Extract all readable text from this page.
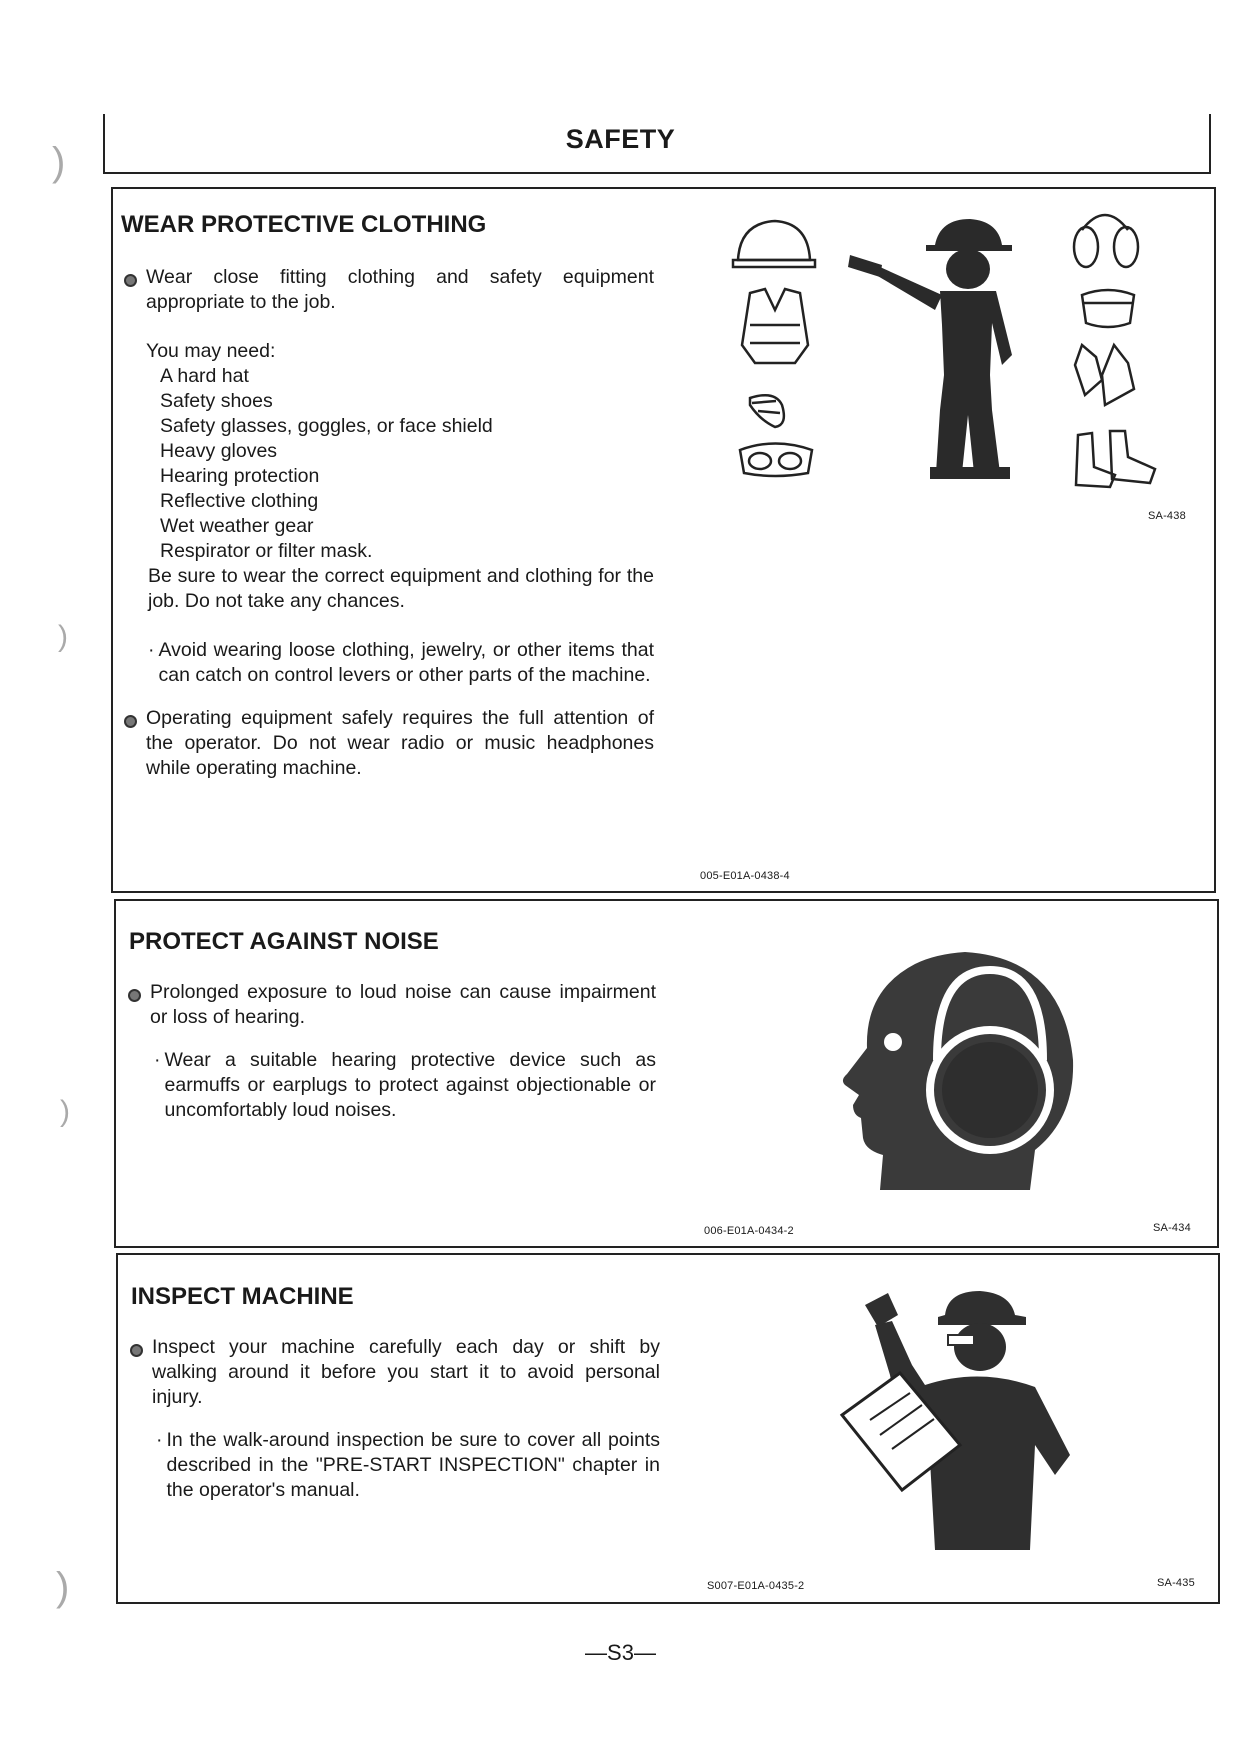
SAFETY
)
)
)
)
WEAR PROTECTIVE CLOTHING
Wear close fitting clothing and safety equipment appropriate to the job.
You may need:
A hard hat
Safety shoes
Safety glasses, goggles, or face shield
Heavy gloves
Hearing protection
Reflective clothing
Wet weather gear
Respirator or filter mask.
Be sure to wear the correct equipment and clothing for the job. Do not take any chances.
· Avoid wearing loose clothing, jewelry, or other items that can catch on control levers or other parts of the machine.
Operating equipment safely requires the full attention of the operator. Do not wear radio or music headphones while operating machine.
SA-438
005-E01A-0438-4
PROTECT AGAINST NOISE
Prolonged exposure to loud noise can cause impairment or loss of hearing.
· Wear a suitable hearing protective device such as earmuffs or earplugs to protect against objectionable or uncomfortably loud noises.
006-E01A-0434-2	SA-434
INSPECT MACHINE
Inspect your machine carefully each day or shift by walking around it before you start it to avoid personal injury.
· In the walk-around inspection be sure to cover all points described in the "PRE-START INSPECTION" chapter in the operator's manual.
S007-E01A-0435-2	SA-435
—S3—
